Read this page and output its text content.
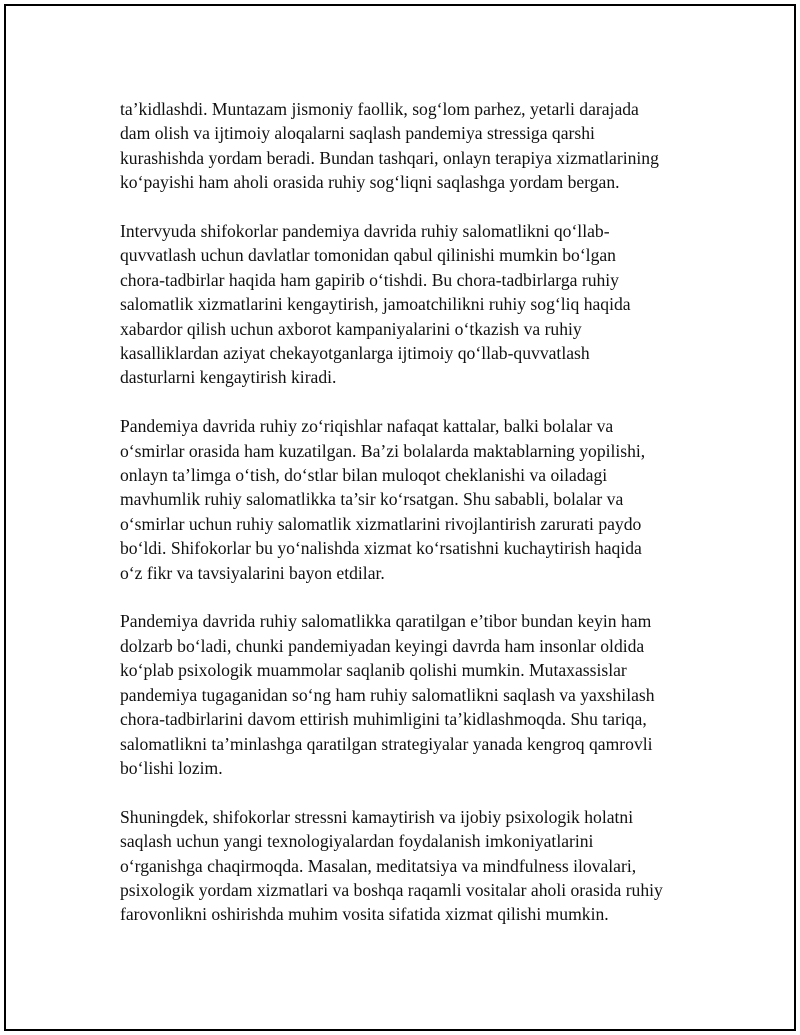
ta’kidlashdi. Muntazam jismoniy faollik, sog‘lom parhez, yetarli darajada
dam olish va ijtimoiy aloqalarni saqlash pandemiya stressiga qarshi
kurashishda yordam beradi. Bundan tashqari, onlayn terapiya xizmatlarining
ko‘payishi ham aholi orasida ruhiy sog‘liqni saqlashga yordam bergan.

Intervyuda shifokorlar pandemiya davrida ruhiy salomatlikni qo‘llab-
quvvatlash uchun davlatlar tomonidan qabul qilinishi mumkin bo‘lgan
chora-tadbirlar haqida ham gapirib o‘tishdi. Bu chora-tadbirlarga ruhiy
salomatlik xizmatlarini kengaytirish, jamoatchilikni ruhiy sog‘liq haqida
xabardor qilish uchun axborot kampaniyalarini o‘tkazish va ruhiy
kasalliklardan aziyat chekayotganlarga ijtimoiy qo‘llab-quvvatlash
dasturlarni kengaytirish kiradi.

Pandemiya davrida ruhiy zo‘riqishlar nafaqat kattalar, balki bolalar va
o‘smirlar orasida ham kuzatilgan. Ba’zi bolalarda maktablarning yopilishi,
onlayn ta’limga o‘tish, do‘stlar bilan muloqot cheklanishi va oiladagi
mavhumlik ruhiy salomatlikka ta’sir ko‘rsatgan. Shu sababli, bolalar va
o‘smirlar uchun ruhiy salomatlik xizmatlarini rivojlantirish zarurati paydo
bo‘ldi. Shifokorlar bu yo‘nalishda xizmat ko‘rsatishni kuchaytirish haqida
o‘z fikr va tavsiyalarini bayon etdilar.

Pandemiya davrida ruhiy salomatlikka qaratilgan e’tibor bundan keyin ham
dolzarb bo‘ladi, chunki pandemiyadan keyingi davrda ham insonlar oldida
ko‘plab psixologik muammolar saqlanib qolishi mumkin. Mutaxassislar
pandemiya tugaganidan so‘ng ham ruhiy salomatlikni saqlash va yaxshilash
chora-tadbirlarini davom ettirish muhimligini ta’kidlashmoqda. Shu tariqa,
salomatlikni ta’minlashga qaratilgan strategiyalar yanada kengroq qamrovli
bo‘lishi lozim.

Shuningdek, shifokorlar stressni kamaytirish va ijobiy psixologik holatni
saqlash uchun yangi texnologiyalardan foydalanish imkoniyatlarini
o‘rganishga chaqirmoqda. Masalan, meditatsiya va mindfulness ilovalari,
psixologik yordam xizmatlari va boshqa raqamli vositalar aholi orasida ruhiy
farovonlikni oshirishda muhim vosita sifatida xizmat qilishi mumkin.
